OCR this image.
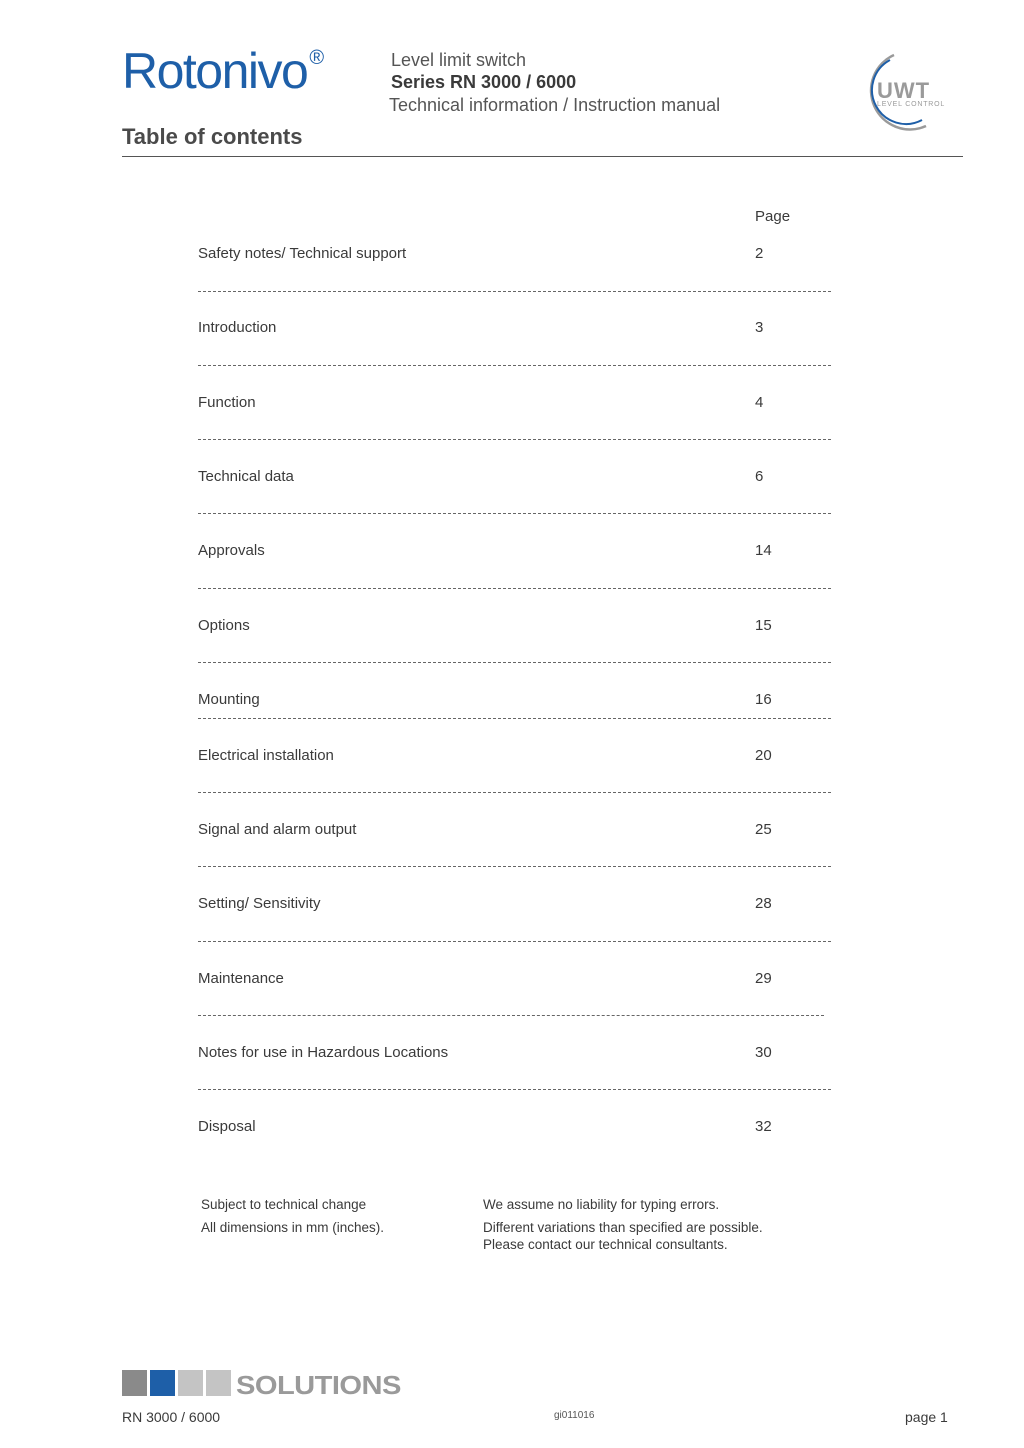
Rotonivo ®	Level limit switch
Series RN 3000 / 6000
Technical information / Instruction manual
UWT
LEVEL CONTROL
Table of contents
Page
Safety notes/ Technical support	2
Introduction	3
Function	4
Technical data	6
Approvals	14
Options	15
Mounting	16
Electrical installation	20
Signal and alarm output	25
Setting/ Sensitivity	28
Maintenance	29
Notes for use in Hazardous Locations	30
Disposal	32
Subject to technical change
All dimensions in mm (inches).
We assume no liability for typing errors.
Different variations than specified are possible.
Please contact our technical consultants.
SOLUTIONS
RN 3000 / 6000	gi011016	page 1
